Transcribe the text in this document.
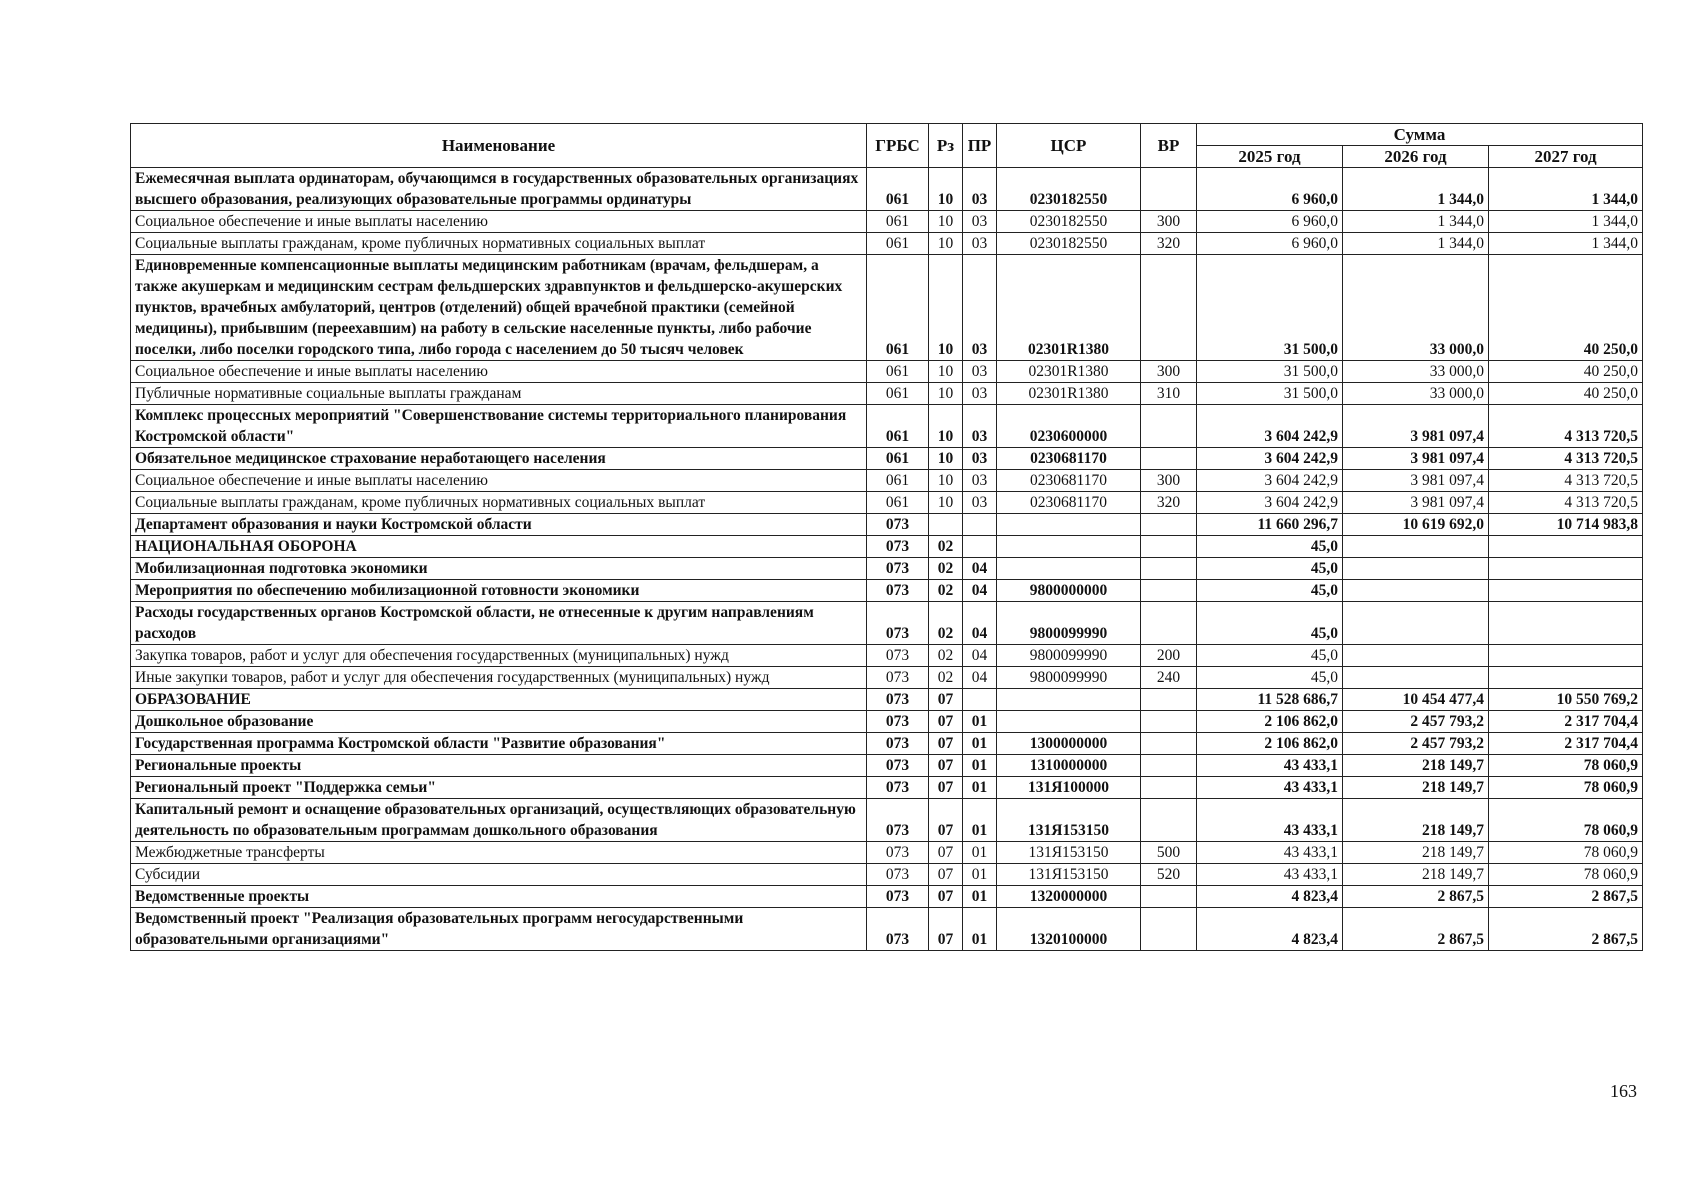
Наименование	ГРБС	Рз	ПР	ЦСР	ВР	Сумма		
						2025 год	2026 год	2027 год
Ежемесячная выплата ординаторам, обучающимся в государственных образовательных организациях высшего образования, реализующих образовательные программы ординатуры	061	10	03	0230182550		6 960,0	1 344,0	1 344,0
Социальное обеспечение и иные выплаты населению	061	10	03	0230182550	300	6 960,0	1 344,0	1 344,0
Социальные выплаты гражданам, кроме публичных нормативных социальных выплат	061	10	03	0230182550	320	6 960,0	1 344,0	1 344,0
Единовременные компенсационные выплаты медицинским работникам (врачам, фельдшерам, а также акушеркам и медицинским сестрам фельдшерских здравпунктов и фельдшерско-акушерских пунктов, врачебных амбулаторий, центров (отделений) общей врачебной практики (семейной медицины), прибывшим (переехавшим) на работу в сельские населенные пункты, либо рабочие поселки, либо поселки городского типа, либо города с населением до 50 тысяч человек	061	10	03	02301R1380		31 500,0	33 000,0	40 250,0
Социальное обеспечение и иные выплаты населению	061	10	03	02301R1380	300	31 500,0	33 000,0	40 250,0
Публичные нормативные социальные выплаты гражданам	061	10	03	02301R1380	310	31 500,0	33 000,0	40 250,0
Комплекс процессных мероприятий "Совершенствование системы территориального планирования Костромской области"	061	10	03	0230600000		3 604 242,9	3 981 097,4	4 313 720,5
Обязательное медицинское страхование неработающего населения	061	10	03	0230681170		3 604 242,9	3 981 097,4	4 313 720,5
Социальное обеспечение и иные выплаты населению	061	10	03	0230681170	300	3 604 242,9	3 981 097,4	4 313 720,5
Социальные выплаты гражданам, кроме публичных нормативных социальных выплат	061	10	03	0230681170	320	3 604 242,9	3 981 097,4	4 313 720,5
Департамент образования и науки Костромской области	073					11 660 296,7	10 619 692,0	10 714 983,8
НАЦИОНАЛЬНАЯ ОБОРОНА	073	02				45,0		
Мобилизационная подготовка экономики	073	02	04			45,0		
Мероприятия по обеспечению мобилизационной готовности экономики	073	02	04	9800000000		45,0		
Расходы государственных органов Костромской области, не отнесенные к другим направлениям расходов	073	02	04	9800099990		45,0		
Закупка товаров, работ и услуг для обеспечения государственных (муниципальных) нужд	073	02	04	9800099990	200	45,0		
Иные закупки товаров, работ и услуг для обеспечения государственных (муниципальных) нужд	073	02	04	9800099990	240	45,0		
ОБРАЗОВАНИЕ	073	07				11 528 686,7	10 454 477,4	10 550 769,2
Дошкольное образование	073	07	01			2 106 862,0	2 457 793,2	2 317 704,4
Государственная программа Костромской области "Развитие образования"	073	07	01	1300000000		2 106 862,0	2 457 793,2	2 317 704,4
Региональные проекты	073	07	01	1310000000		43 433,1	218 149,7	78 060,9
Региональный проект "Поддержка семьи"	073	07	01	131Я100000		43 433,1	218 149,7	78 060,9
Капитальный ремонт и оснащение образовательных организаций, осуществляющих образовательную деятельность по образовательным программам дошкольного образования	073	07	01	131Я153150		43 433,1	218 149,7	78 060,9
Межбюджетные трансферты	073	07	01	131Я153150	500	43 433,1	218 149,7	78 060,9
Субсидии	073	07	01	131Я153150	520	43 433,1	218 149,7	78 060,9
Ведомственные проекты	073	07	01	1320000000		4 823,4	2 867,5	2 867,5
Ведомственный проект "Реализация образовательных программ негосударственными образовательными организациями"	073	07	01	1320100000		4 823,4	2 867,5	2 867,5
163
